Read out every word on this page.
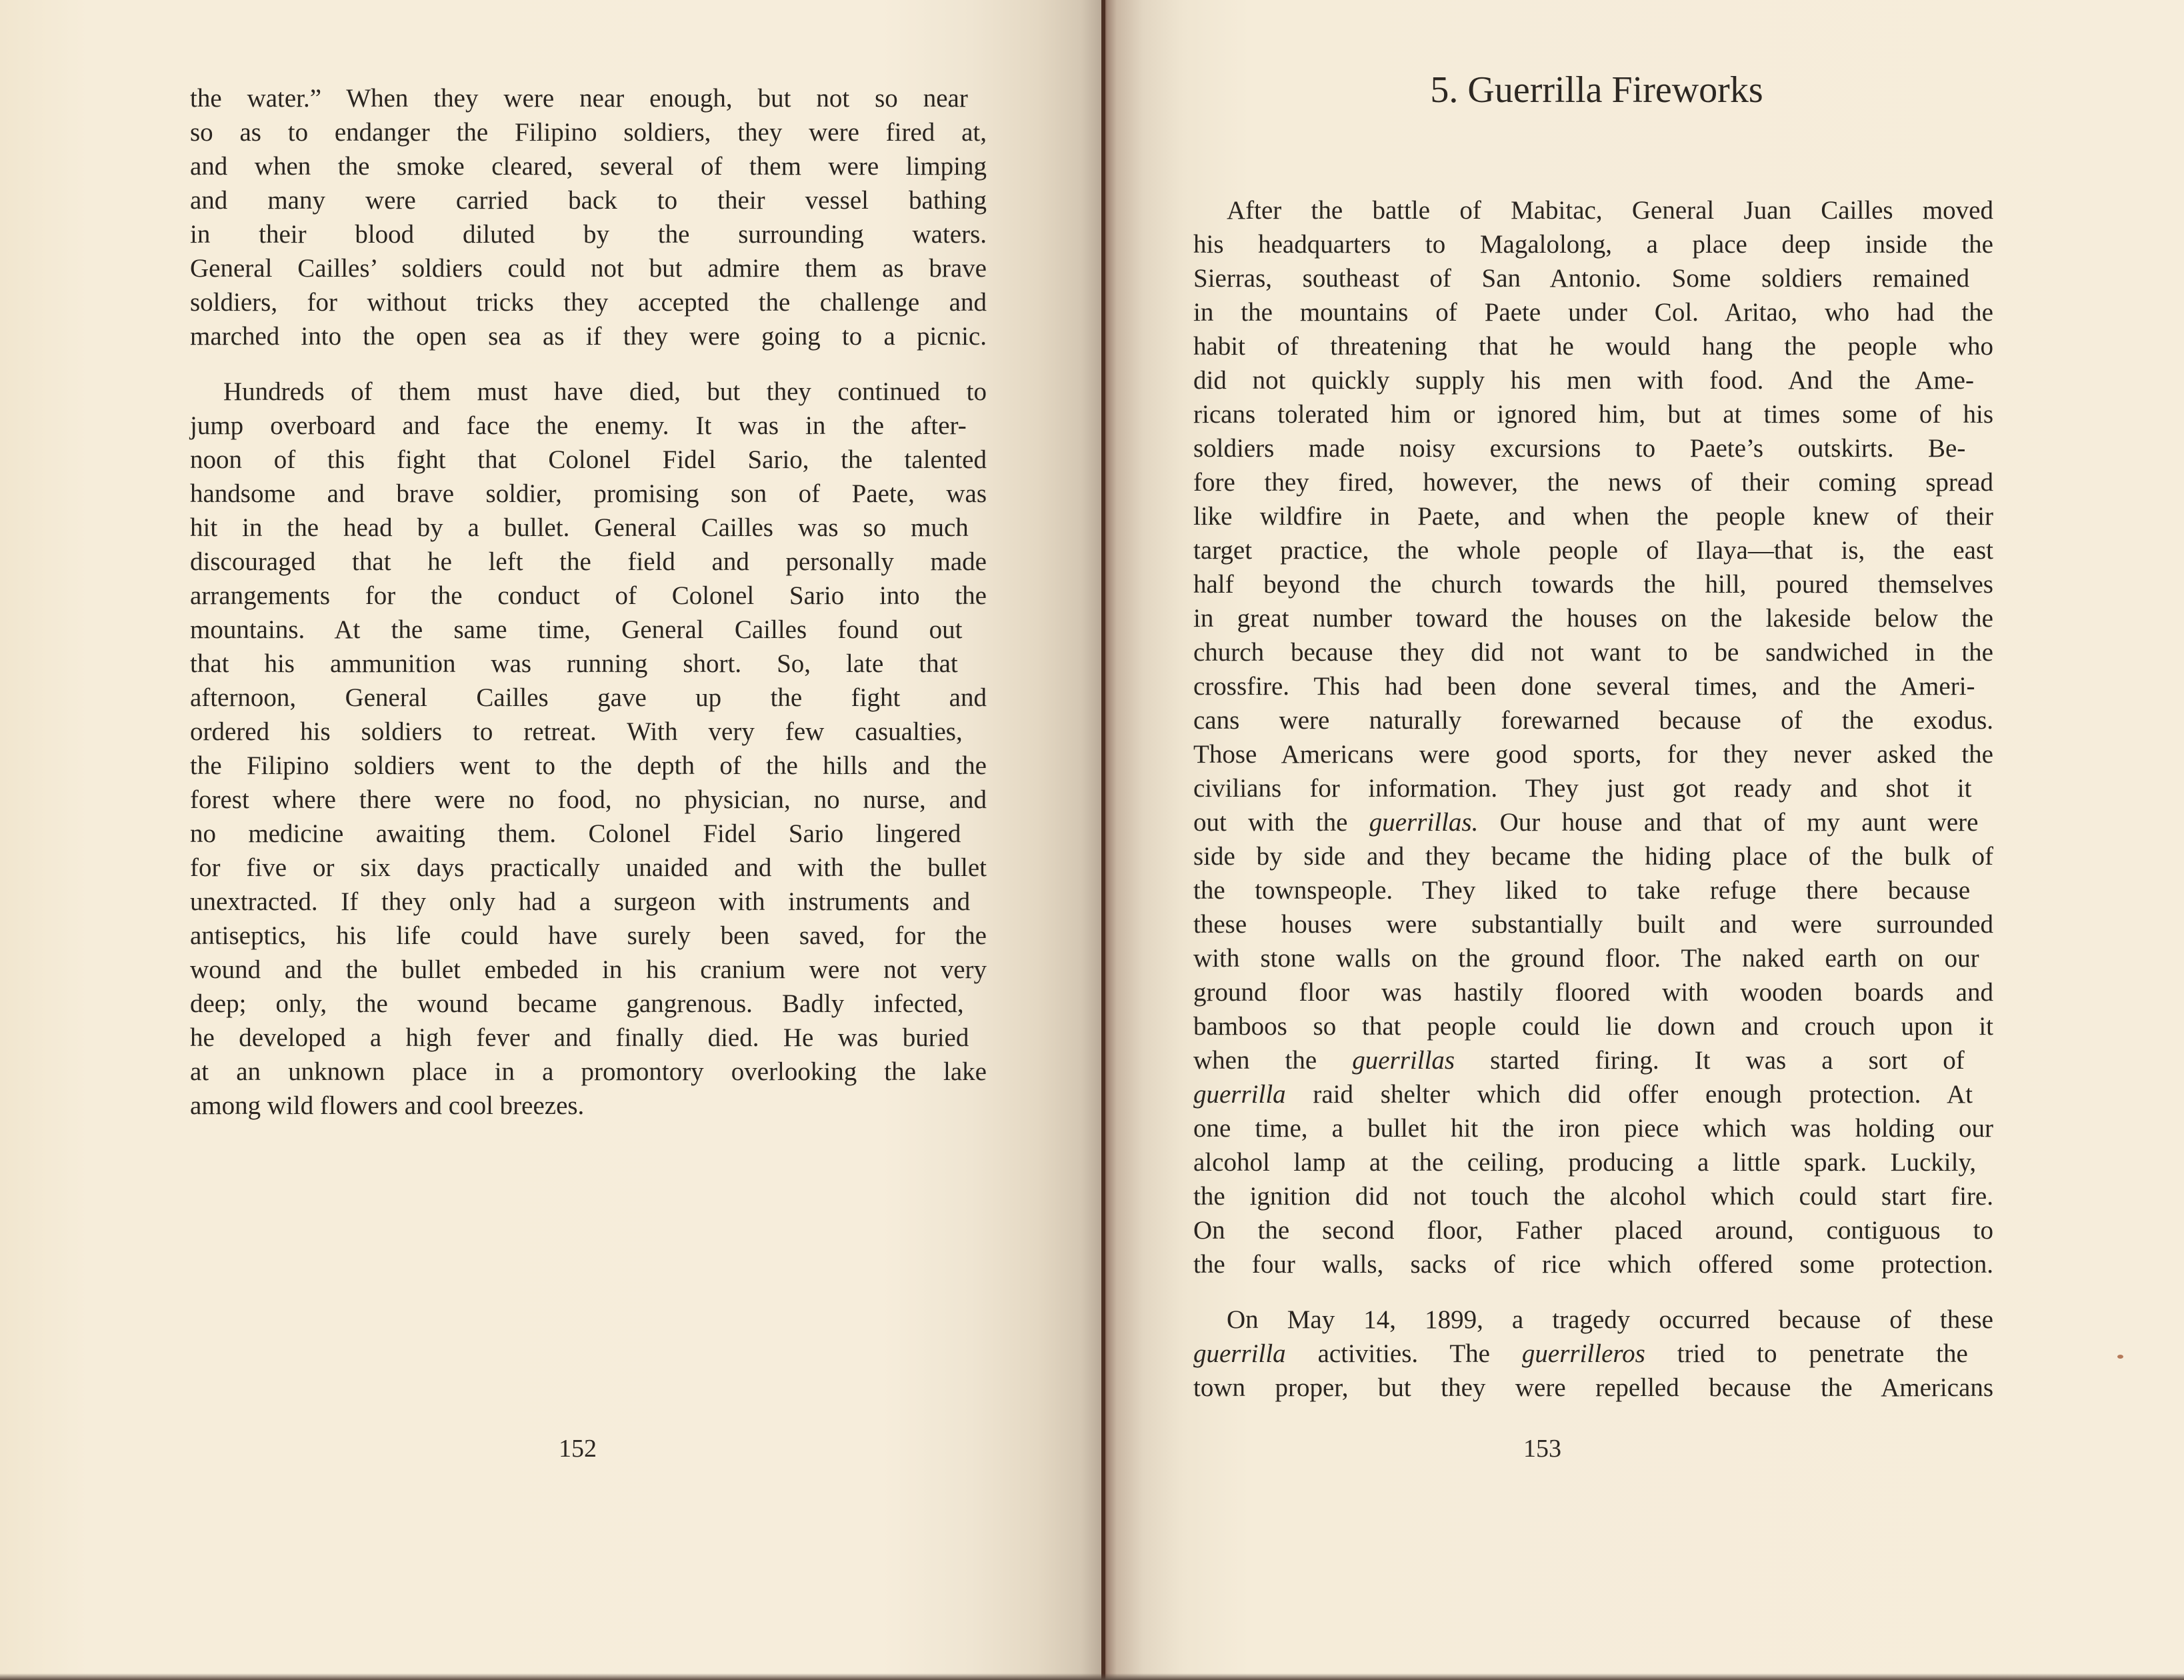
the water.” When they were near enough, but not so near
so as to endanger the Filipino soldiers, they were fired at,
and when the smoke cleared, several of them were limping
and many were carried back to their vessel bathing
in their blood diluted by the surrounding waters.
General Cailles’ soldiers could not but admire them as brave
soldiers, for without tricks they accepted the challenge and
marched into the open sea as if they were going to a picnic.
Hundreds of them must have died, but they continued to
jump overboard and face the enemy. It was in the after-
noon of this fight that Colonel Fidel Sario, the talented
handsome and brave soldier, promising son of Paete, was
hit in the head by a bullet. General Cailles was so much
discouraged that he left the field and personally made
arrangements for the conduct of Colonel Sario into the
mountains. At the same time, General Cailles found out
that his ammunition was running short. So, late that
afternoon, General Cailles gave up the fight and
ordered his soldiers to retreat. With very few casualties,
the Filipino soldiers went to the depth of the hills and the
forest where there were no food, no physician, no nurse, and
no medicine awaiting them. Colonel Fidel Sario lingered
for five or six days practically unaided and with the bullet
unextracted. If they only had a surgeon with instruments and
antiseptics, his life could have surely been saved, for the
wound and the bullet embeded in his cranium were not very
deep; only, the wound became gangrenous. Badly infected,
he developed a high fever and finally died. He was buried
at an unknown place in a promontory overlooking the lake
among wild flowers and cool breezes.
152
5. Guerrilla Fireworks
After the battle of Mabitac, General Juan Cailles moved
his headquarters to Magalolong, a place deep inside the
Sierras, southeast of San Antonio. Some soldiers remained
in the mountains of Paete under Col. Aritao, who had the
habit of threatening that he would hang the people who
did not quickly supply his men with food. And the Ame-
ricans tolerated him or ignored him, but at times some of his
soldiers made noisy excursions to Paete’s outskirts. Be-
fore they fired, however, the news of their coming spread
like wildfire in Paete, and when the people knew of their
target practice, the whole people of Ilaya—that is, the east
half beyond the church towards the hill, poured themselves
in great number toward the houses on the lakeside below the
church because they did not want to be sandwiched in the
crossfire. This had been done several times, and the Ameri-
cans were naturally forewarned because of the exodus.
Those Americans were good sports, for they never asked the
civilians for information. They just got ready and shot it
out with the guerrillas. Our house and that of my aunt were
side by side and they became the hiding place of the bulk of
the townspeople. They liked to take refuge there because
these houses were substantially built and were surrounded
with stone walls on the ground floor. The naked earth on our
ground floor was hastily floored with wooden boards and
bamboos so that people could lie down and crouch upon it
when the guerrillas started firing. It was a sort of
guerrilla raid shelter which did offer enough protection. At
one time, a bullet hit the iron piece which was holding our
alcohol lamp at the ceiling, producing a little spark. Luckily,
the ignition did not touch the alcohol which could start fire.
On the second floor, Father placed around, contiguous to
the four walls, sacks of rice which offered some protection.
On May 14, 1899, a tragedy occurred because of these
guerrilla activities. The guerrilleros tried to penetrate the
town proper, but they were repelled because the Americans
153
